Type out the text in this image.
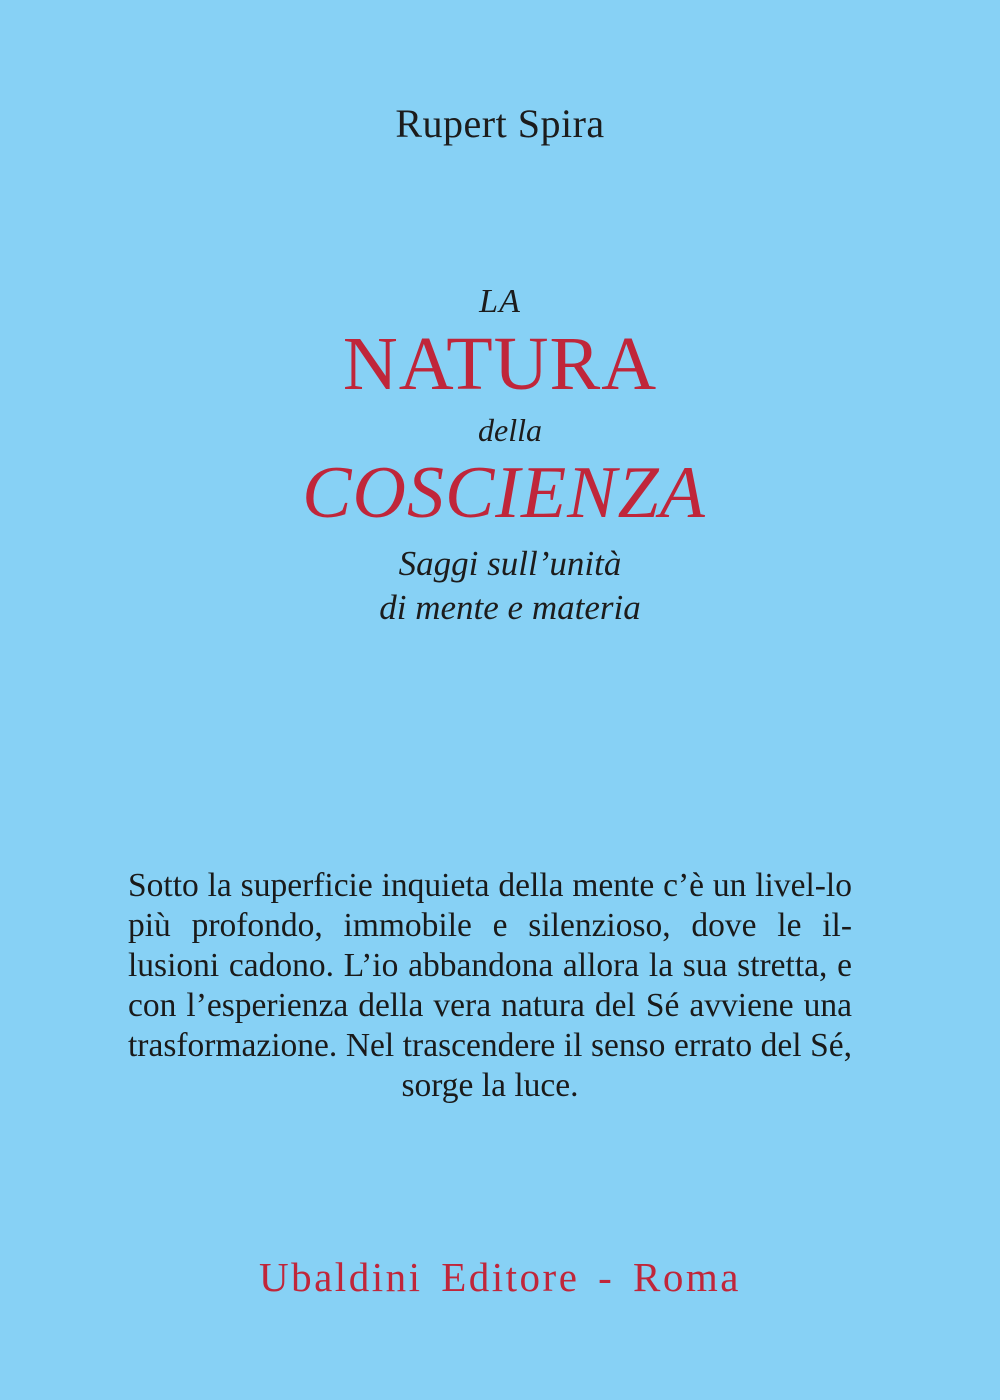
Rupert Spira
LA
NATURA
della
COSCIENZA
Saggi sull’unità
di mente e materia
Sotto la superficie inquieta della mente c’è un livel-lo più profondo, immobile e silenzioso, dove le il-lusioni cadono. L’io abbandona allora la sua stretta, e con l’esperienza della vera natura del Sé avviene una trasformazione. Nel trascendere il senso errato del Sé, sorge la luce.
Ubaldini Editore - Roma
